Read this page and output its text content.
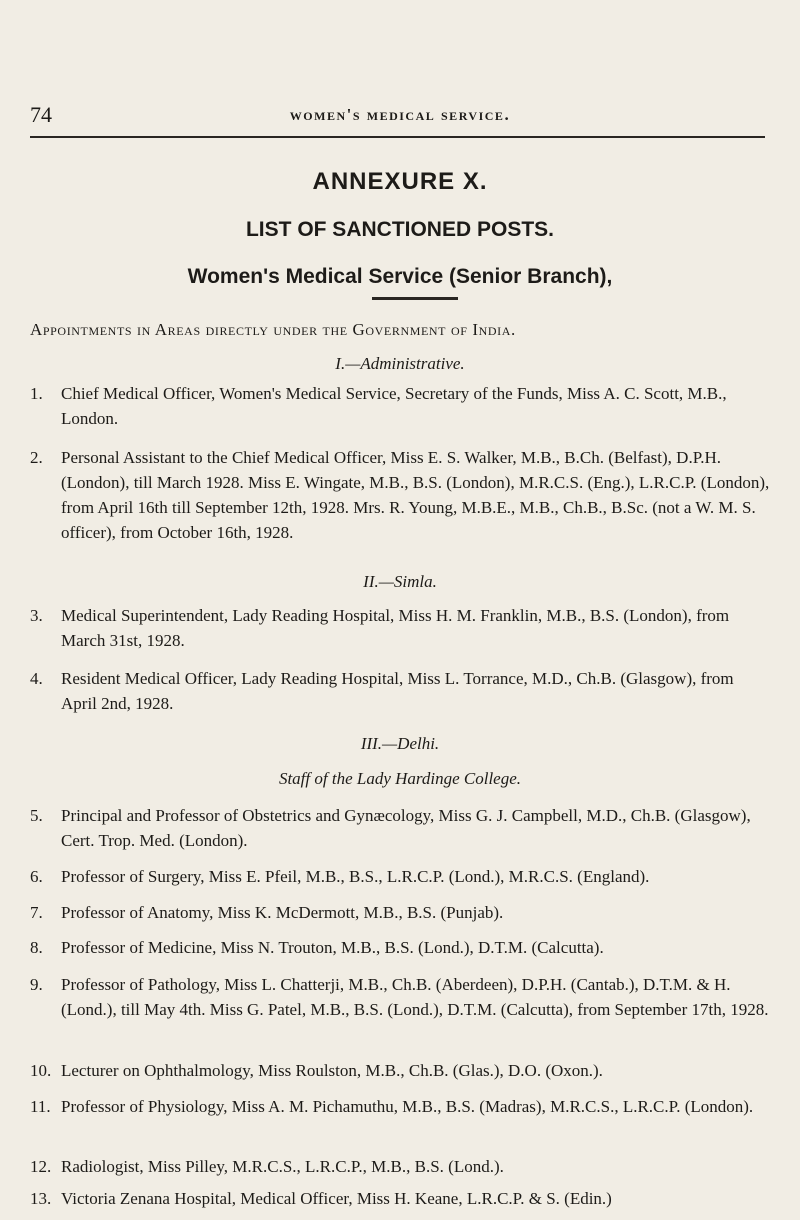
74	women's medical service.
ANNEXURE X.
LIST OF SANCTIONED POSTS.
Women's Medical Service (Senior Branch),
Appointments in Areas directly under the Government of India.
I.—Administrative.
1.	Chief Medical Officer, Women's Medical Service, Secretary of the Funds, Miss A. C. Scott, M.B., London.
2.	Personal Assistant to the Chief Medical Officer, Miss E. S. Walker, M.B., B.Ch. (Belfast), D.P.H. (London), till March 1928. Miss E. Wingate, M.B., B.S. (London), M.R.C.S. (Eng.), L.R.C.P. (London), from April 16th till September 12th, 1928. Mrs. R. Young, M.B.E., M.B., Ch.B., B.Sc. (not a W. M. S. officer), from October 16th, 1928.
II.—Simla.
3.	Medical Superintendent, Lady Reading Hospital, Miss H. M. Franklin, M.B., B.S. (London), from March 31st, 1928.
4.	Resident Medical Officer, Lady Reading Hospital, Miss L. Torrance, M.D., Ch.B. (Glasgow), from April 2nd, 1928.
III.—Delhi.
Staff of the Lady Hardinge College.
5.	Principal and Professor of Obstetrics and Gynæcology, Miss G. J. Campbell, M.D., Ch.B. (Glasgow), Cert. Trop. Med. (London).
6.	Professor of Surgery, Miss E. Pfeil, M.B., B.S., L.R.C.P. (Lond.), M.R.C.S. (England).
7.	Professor of Anatomy, Miss K. McDermott, M.B., B.S. (Punjab).
8.	Professor of Medicine, Miss N. Trouton, M.B., B.S. (Lond.), D.T.M. (Calcutta).
9.	Professor of Pathology, Miss L. Chatterji, M.B., Ch.B. (Aberdeen), D.P.H. (Cantab.), D.T.M. & H. (Lond.), till May 4th. Miss G. Patel, M.B., B.S. (Lond.), D.T.M. (Calcutta), from September 17th, 1928.
10. Lecturer on Ophthalmology, Miss Roulston, M.B., Ch.B. (Glas.), D.O. (Oxon.).
11. Professor of Physiology, Miss A. M. Pichamuthu, M.B., B.S. (Madras), M.R.C.S., L.R.C.P. (London).
12. Radiologist, Miss Pilley, M.R.C.S., L.R.C.P., M.B., B.S. (Lond.).
13. Victoria Zenana Hospital, Medical Officer, Miss H. Keane, L.R.C.P. & S. (Edin.)
